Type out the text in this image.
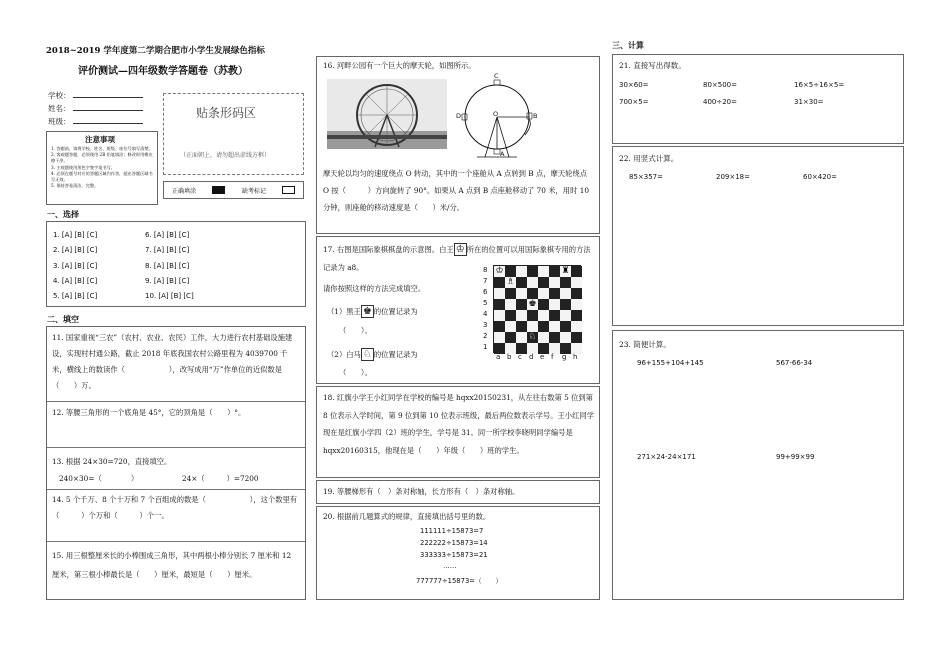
2018~2019 学年度第二学期合肥市小学生发展绿色指标
评价测试—四年级数学答题卷（苏教）
学校：
姓名：
班级：
贴条形码区
（正面朝上，请勿超出虚线方框）
注意事项
1. 答题前，请将学校、姓名、班级、座位号填写清楚。
2. 客观题答题，必须使用 2B 铅笔填涂；修改时用橡皮擦干净。
3. 主观题使用黑色字签字笔书写。
4. 必须在题号对应的答题区域内作答，超出答题区域书写无效。
5. 保持答卷清洁，完整。
正确填涂	缺考标记
一、选择
1. [A] [B] [C]	6. [A] [B] [C]
2. [A] [B] [C]	7. [A] [B] [C]
3. [A] [B] [C]	8. [A] [B] [C]
4. [A] [B] [C]	9. [A] [B] [C]
5. [A] [B] [C]	10. [A] [B] [C]
二、填空
11. 国家重视“三农”（农村、农业、农民）工作，大力进行农村基础设施建设，实现村村通公路，截止 2018 年底我国农村公路里程为 4039700 千米，横线上的数读作（　　　　　　），改写成用“万”作单位的近似数是（　　）万。
12. 等腰三角形的一个底角是 45°，它的顶角是（　　）°。
13. 根据 24×30=720，直接填空。
240×30=（　　　　）	24×（　　　）=7200
14. 5 个千万、8 个十万和 7 个百组成的数是（　　　　　　），这个数里有（　　　）个万和（　　　）个一。
15. 用三根整厘米长的小棒围成三角形，其中两根小棒分别长 7 厘米和 12 厘米，第三根小棒最长是（　　）厘米，最短是（　　）厘米。
16. 河畔公园有一个巨大的摩天轮，如图所示。
C
D	O	B
A
摩天轮以均匀的速度绕点 O 转动，其中的一个座舱从 A 点转到 B 点，摩天轮绕点 O 按（　　　）方向旋转了 90°。如果从 A 点到 B 点座舱移动了 70 米，用时 10 分钟，则座舱的移动速度是（　　）米/分。
17. 右图是国际象棋棋盘的示意图。白王 ♔ 所在的位置可以用国际象棋专用的方法记录为 a8。
请你按照这样的方法完成填空。
（1）黑王 ♚ 的位置记录为
（　　）。
（2）白马 ♘ 的位置记录为
（　　）。
♔	♜
♗
♚
♘
8
7
6
5
4
3
2
1
a b c d e f g h
18. 红旗小学王小红同学在学校的编号是 hqxx20150231，从左往右数第 5 位到第 8 位表示入学时间，第 9 位到第 10 位表示班级，最后两位数表示学号。王小红同学现在是红旗小学四（2）班的学生，学号是 31。同一所学校李晓明同学编号是 hqxx20160315，他现在是（　　）年级（　　）班的学生。
19. 等腰梯形有（　）条对称轴，长方形有（　）条对称轴。
20. 根据前几题算式的规律，直接填出括号里的数。
111111÷15873=7
222222÷15873=14
333333÷15873=21
……
777777÷15873=（　　）
三、计算
21. 直接写出得数。
30×60=	80×500=	16×5÷16×5=
700×5=	400÷20=	31×30=
22. 用竖式计算。
85×357=	209×18=	60×420=
23. 简便计算。
96+155+104+145	567-66-34
271×24-24×171	99+99×99
